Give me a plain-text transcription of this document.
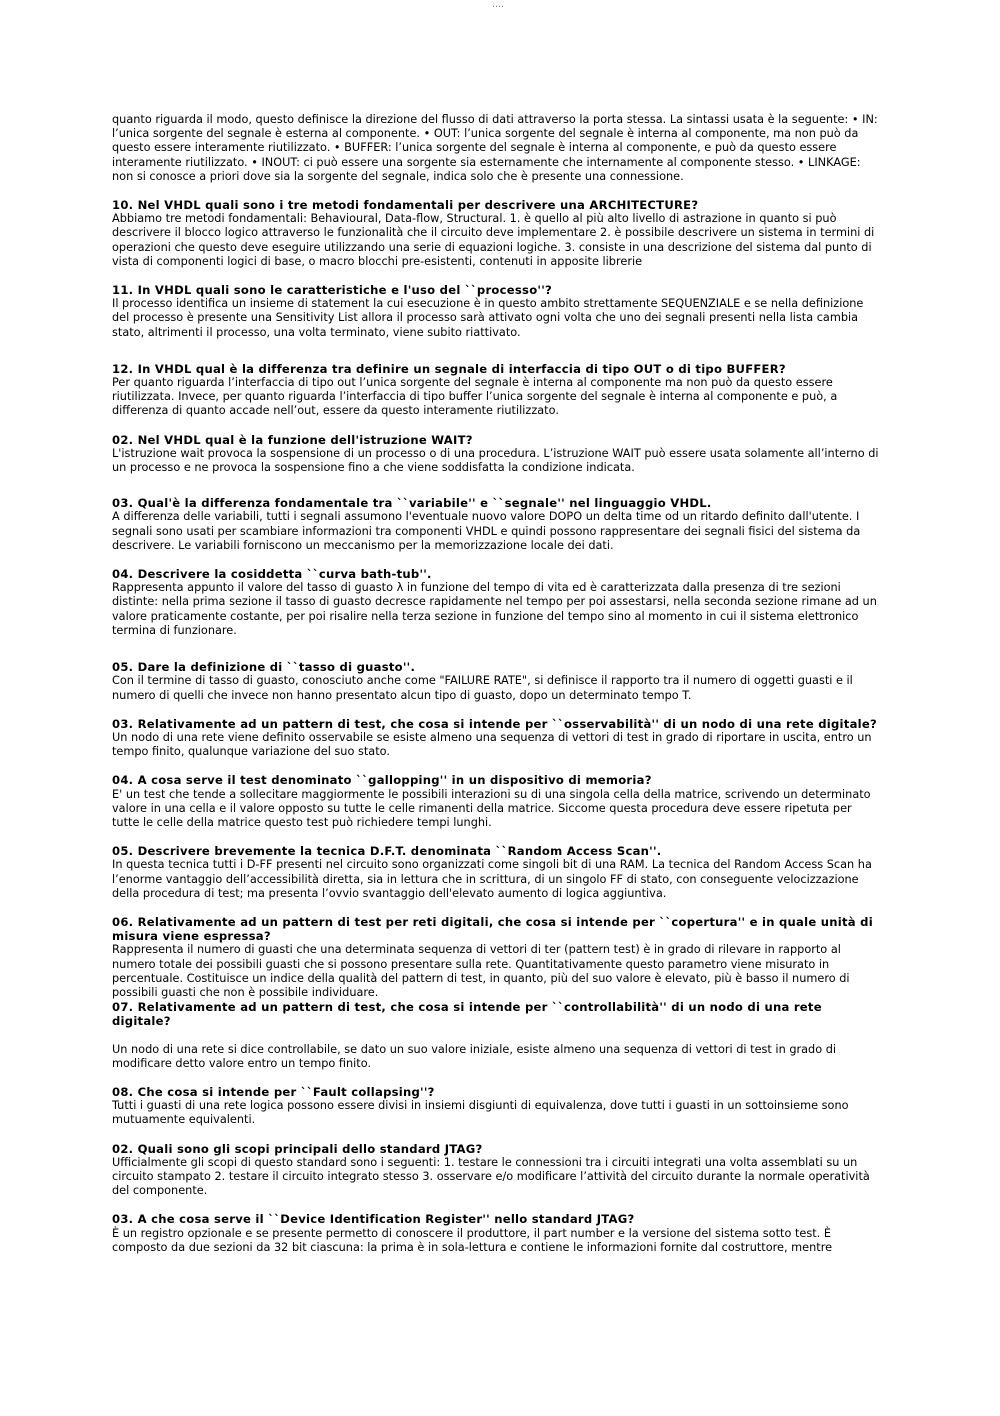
‥‥

quanto riguarda il modo, questo definisce la direzione del flusso di dati attraverso la porta stessa. La sintassi usata è la seguente: • IN: l’unica sorgente del segnale è esterna al componente. • OUT: l’unica sorgente del segnale è interna al componente, ma non può da questo essere interamente riutilizzato. • BUFFER: l’unica sorgente del segnale è interna al componente, e può da questo essere interamente riutilizzato. • INOUT: ci può essere una sorgente sia esternamente che internamente al componente stesso. • LINKAGE: non si conosce a priori dove sia la sorgente del segnale, indica solo che è presente una connessione.

10. Nel VHDL quali sono i tre metodi fondamentali per descrivere una ARCHITECTURE?

Abbiamo tre metodi fondamentali: Behavioural, Data-flow, Structural. 1. è quello al più alto livello di astrazione in quanto si può descrivere il blocco logico attraverso le funzionalità che il circuito deve implementare 2. è possibile descrivere un sistema in termini di operazioni che questo deve eseguire utilizzando una serie di equazioni logiche. 3. consiste in una descrizione del sistema dal punto di vista di componenti logici di base, o macro blocchi pre-esistenti, contenuti in apposite librerie

11. In VHDL quali sono le caratteristiche e l'uso del ``processo''?

Il processo identifica un insieme di statement la cui esecuzione è in questo ambito strettamente SEQUENZIALE e se nella definizione del processo è presente una Sensitivity List allora il processo sarà attivato ogni volta che uno dei segnali presenti nella lista cambia stato, altrimenti il processo, una volta terminato, viene subito riattivato.

12. In VHDL qual è la differenza tra definire un segnale di interfaccia di tipo OUT o di tipo BUFFER?

Per quanto riguarda l’interfaccia di tipo out l’unica sorgente del segnale è interna al componente ma non può da questo essere riutilizzata. Invece, per quanto riguarda l’interfaccia di tipo buffer l’unica sorgente del segnale è interna al componente e può, a differenza di quanto accade nell’out, essere da questo interamente riutilizzato.

02. Nel VHDL qual è la funzione dell'istruzione WAIT?

L'istruzione wait provoca la sospensione di un processo o di una procedura. L’istruzione WAIT può essere usata solamente all’interno di un processo e ne provoca la sospensione fino a che viene soddisfatta la condizione indicata.

03. Qual'è la differenza fondamentale tra ``variabile'' e ``segnale'' nel linguaggio VHDL.

A differenza delle variabili, tutti i segnali assumono l'eventuale nuovo valore DOPO un delta time od un ritardo definito dall'utente. I segnali sono usati per scambiare informazioni tra componenti VHDL e quindi possono rappresentare dei segnali fisici del sistema da descrivere. Le variabili forniscono un meccanismo per la memorizzazione locale dei dati.

04. Descrivere la cosiddetta ``curva bath-tub''.

Rappresenta appunto il valore del tasso di guasto λ in funzione del tempo di vita ed è caratterizzata dalla presenza di tre sezioni distinte: nella prima sezione il tasso di guasto decresce rapidamente nel tempo per poi assestarsi, nella seconda sezione rimane ad un valore praticamente costante, per poi risalire nella terza sezione in funzione del tempo sino al momento in cui il sistema elettronico termina di funzionare.

05. Dare la definizione di ``tasso di guasto''.

Con il termine di tasso di guasto, conosciuto anche come "FAILURE RATE", si definisce il rapporto tra il numero di oggetti guasti e il numero di quelli che invece non hanno presentato alcun tipo di guasto, dopo un determinato tempo T.

03. Relativamente ad un pattern di test, che cosa si intende per ``osservabilità'' di un nodo di una rete digitale?

Un nodo di una rete viene definito osservabile se esiste almeno una sequenza di vettori di test in grado di riportare in uscita, entro un tempo finito, qualunque variazione del suo stato.

04. A cosa serve il test denominato ``gallopping'' in un dispositivo di memoria?

E' un test che tende a sollecitare maggiormente le possibili interazioni su di una singola cella della matrice, scrivendo un determinato valore in una cella e il valore opposto su tutte le celle rimanenti della matrice. Siccome questa procedura deve essere ripetuta per tutte le celle della matrice questo test può richiedere tempi lunghi.

05. Descrivere brevemente la tecnica D.F.T. denominata ``Random Access Scan''.

In questa tecnica tutti i D-FF presenti nel circuito sono organizzati come singoli bit di una RAM. La tecnica del Random Access Scan ha l’enorme vantaggio dell’accessibilità diretta, sia in lettura che in scrittura, di un singolo FF di stato, con conseguente velocizzazione della procedura di test; ma presenta l’ovvio svantaggio dell'elevato aumento di logica aggiuntiva.

06. Relativamente ad un pattern di test per reti digitali, che cosa si intende per ``copertura'' e in quale unità di misura viene espressa?

Rappresenta il numero di guasti che una determinata sequenza di vettori di ter (pattern test) è in grado di rilevare in rapporto al numero totale dei possibili guasti che si possono presentare sulla rete. Quantitativamente questo parametro viene misurato in percentuale. Costituisce un indice della qualità del pattern di test, in quanto, più del suo valore è elevato, più è basso il numero di possibili guasti che non è possibile individuare.

07. Relativamente ad un pattern di test, che cosa si intende per ``controllabilità'' di un nodo di una rete digitale?

Un nodo di una rete si dice controllabile, se dato un suo valore iniziale, esiste almeno una sequenza di vettori di test in grado di modificare detto valore entro un tempo finito.

08. Che cosa si intende per ``Fault collapsing''?

Tutti i guasti di una rete logica possono essere divisi in insiemi disgiunti di equivalenza, dove tutti i guasti in un sottoinsieme sono mutuamente equivalenti.

02. Quali sono gli scopi principali dello standard JTAG?

Ufficialmente gli scopi di questo standard sono i seguenti: 1. testare le connessioni tra i circuiti integrati una volta assemblati su un circuito stampato 2. testare il circuito integrato stesso 3. osservare e/o modificare l’attività del circuito durante la normale operatività del componente.

03. A che cosa serve il ``Device Identification Register'' nello standard JTAG?

È un registro opzionale e se presente permetto di conoscere il produttore, il part number e la versione del sistema sotto test. È composto da due sezioni da 32 bit ciascuna: la prima è in sola-lettura e contiene le informazioni fornite dal costruttore, mentre
